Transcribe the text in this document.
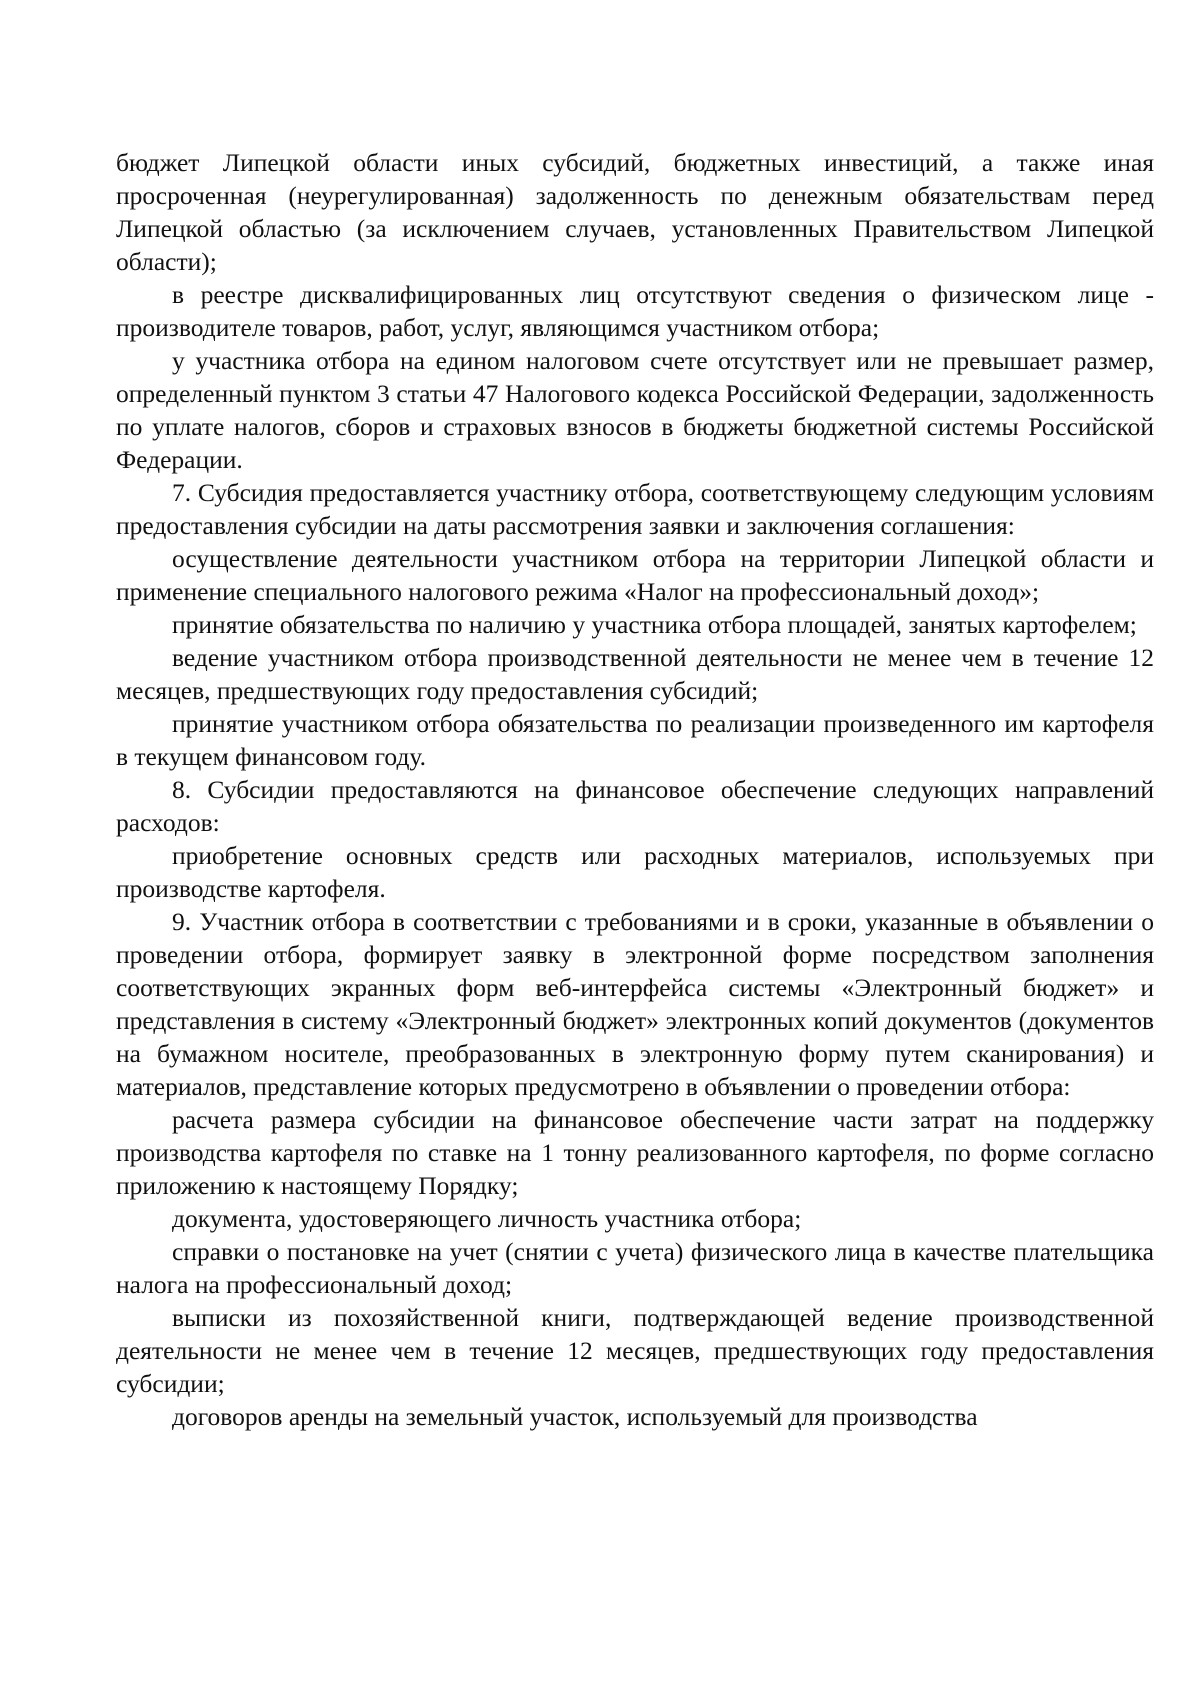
бюджет Липецкой области иных субсидий, бюджетных инвестиций, а также иная просроченная (неурегулированная) задолженность по денежным обязательствам перед Липецкой областью (за исключением случаев, установленных Правительством Липецкой области);

в реестре дисквалифицированных лиц отсутствуют сведения о физическом лице - производителе товаров, работ, услуг, являющимся участником отбора;

у участника отбора на едином налоговом счете отсутствует или не превышает размер, определенный пунктом 3 статьи 47 Налогового кодекса Российской Федерации, задолженность по уплате налогов, сборов и страховых взносов в бюджеты бюджетной системы Российской Федерации.

7. Субсидия предоставляется участнику отбора, соответствующему следующим условиям предоставления субсидии на даты рассмотрения заявки и заключения соглашения:

осуществление деятельности участником отбора на территории Липецкой области и применение специального налогового режима «Налог на профессиональный доход»;

принятие обязательства по наличию у участника отбора площадей, занятых картофелем;

ведение участником отбора производственной деятельности не менее чем в течение 12 месяцев, предшествующих году предоставления субсидий;

принятие участником отбора обязательства по реализации произведенного им картофеля в текущем финансовом году.

8. Субсидии предоставляются на финансовое обеспечение следующих направлений расходов:

приобретение основных средств или расходных материалов, используемых при производстве картофеля.

9. Участник отбора в соответствии с требованиями и в сроки, указанные в объявлении о проведении отбора, формирует заявку в электронной форме посредством заполнения соответствующих экранных форм веб-интерфейса системы «Электронный бюджет» и представления в систему «Электронный бюджет» электронных копий документов (документов на бумажном носителе, преобразованных в электронную форму путем сканирования) и материалов, представление которых предусмотрено в объявлении о проведении отбора:

расчета размера субсидии на финансовое обеспечение части затрат на поддержку производства картофеля по ставке на 1 тонну реализованного картофеля, по форме согласно приложению к настоящему Порядку;

документа, удостоверяющего личность участника отбора;

справки о постановке на учет (снятии с учета) физического лица в качестве плательщика налога на профессиональный доход;

выписки из похозяйственной книги, подтверждающей ведение производственной деятельности не менее чем в течение 12 месяцев, предшествующих году предоставления субсидии;

договоров аренды на земельный участок, используемый для производства
